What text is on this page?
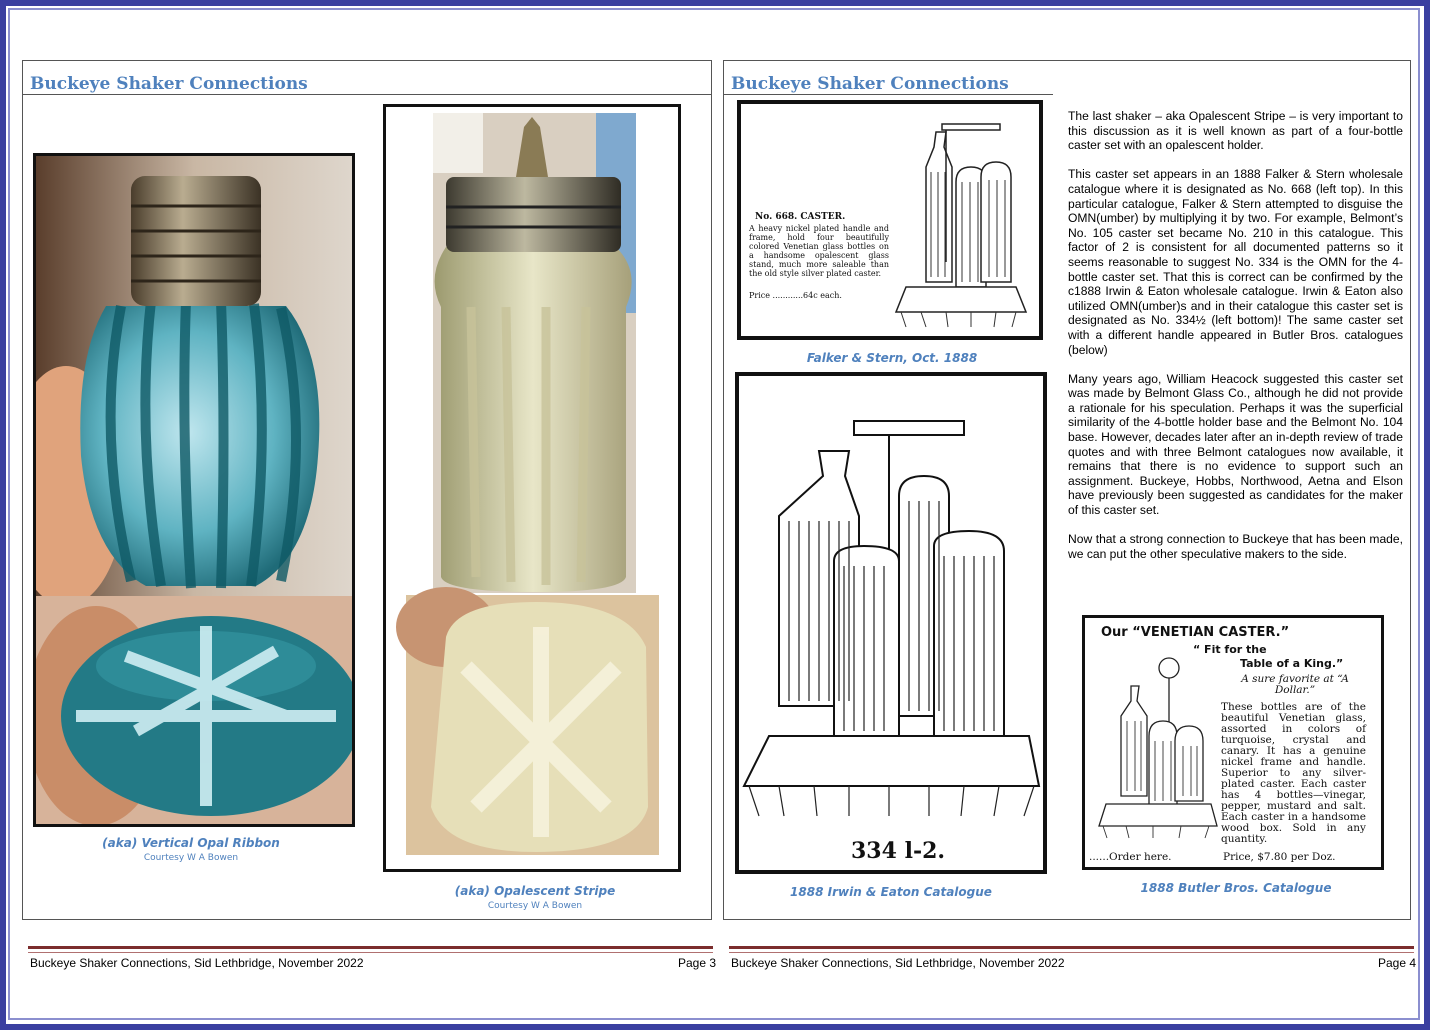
Buckeye Shaker Connections
(aka) Vertical Opal Ribbon
Courtesy W A Bowen
(aka) Opalescent Stripe
Courtesy W A Bowen
Buckeye Shaker Connections, Sid Lethbridge, November 2022	Page 3
Buckeye Shaker Connections
No. 668. CASTER.
A heavy nickel plated handle and frame, hold four beautifully colored Venetian glass bottles on a handsome opalescent glass stand, much more saleable than the old style silver plated caster.
Price ............64c each.
Falker & Stern, Oct. 1888
334 l-2.
1888 Irwin & Eaton Catalogue

The last shaker – aka Opalescent Stripe – is very important to this discussion as it is well known as part of a four-bottle caster set with an opalescent holder.

This caster set appears in an 1888 Falker & Stern wholesale catalogue where it is designated as No. 668 (left top). In this particular catalogue, Falker & Stern attempted to disguise the OMN(umber) by multiplying it by two. For example, Belmont’s No. 105 caster set became No. 210 in this catalogue. This factor of 2 is consistent for all documented patterns so it seems reasonable to suggest No. 334 is the OMN for the 4-bottle caster set. That this is correct can be confirmed by the c1888 Irwin & Eaton wholesale catalogue. Irwin & Eaton also utilized OMN(umber)s and in their catalogue this caster set is designated as No. 334½ (left bottom)! The same caster set with a different handle appeared in Butler Bros. catalogues (below)

Many years ago, William Heacock suggested this caster set was made by Belmont Glass Co., although he did not provide a rationale for his speculation. Perhaps it was the superficial similarity of the 4-bottle holder base and the Belmont No. 104 base. However, decades later after an in-depth review of trade quotes and with three Belmont catalogues now available, it remains that there is no evidence to support such an assignment. Buckeye, Hobbs, Northwood, Aetna and Elson have previously been suggested as candidates for the maker of this caster set.

Now that a strong connection to Buckeye that has been made, we can put the other speculative makers to the side.

Our “VENETIAN CASTER.”
“ Fit for the
Table of a King.”
A sure favorite at “A Dollar.”
These bottles are of the beautiful Venetian glass, assorted in colors of turquoise, crystal and canary. It has a genuine nickel frame and handle. Superior to any silver-plated caster. Each caster has 4 bottles—vinegar, pepper, mustard and salt. Each caster in a handsome wood box. Sold in any quantity.
......Order here.	Price, $7.80 per Doz.
1888 Butler Bros. Catalogue
Buckeye Shaker Connections, Sid Lethbridge, November 2022	Page 4
